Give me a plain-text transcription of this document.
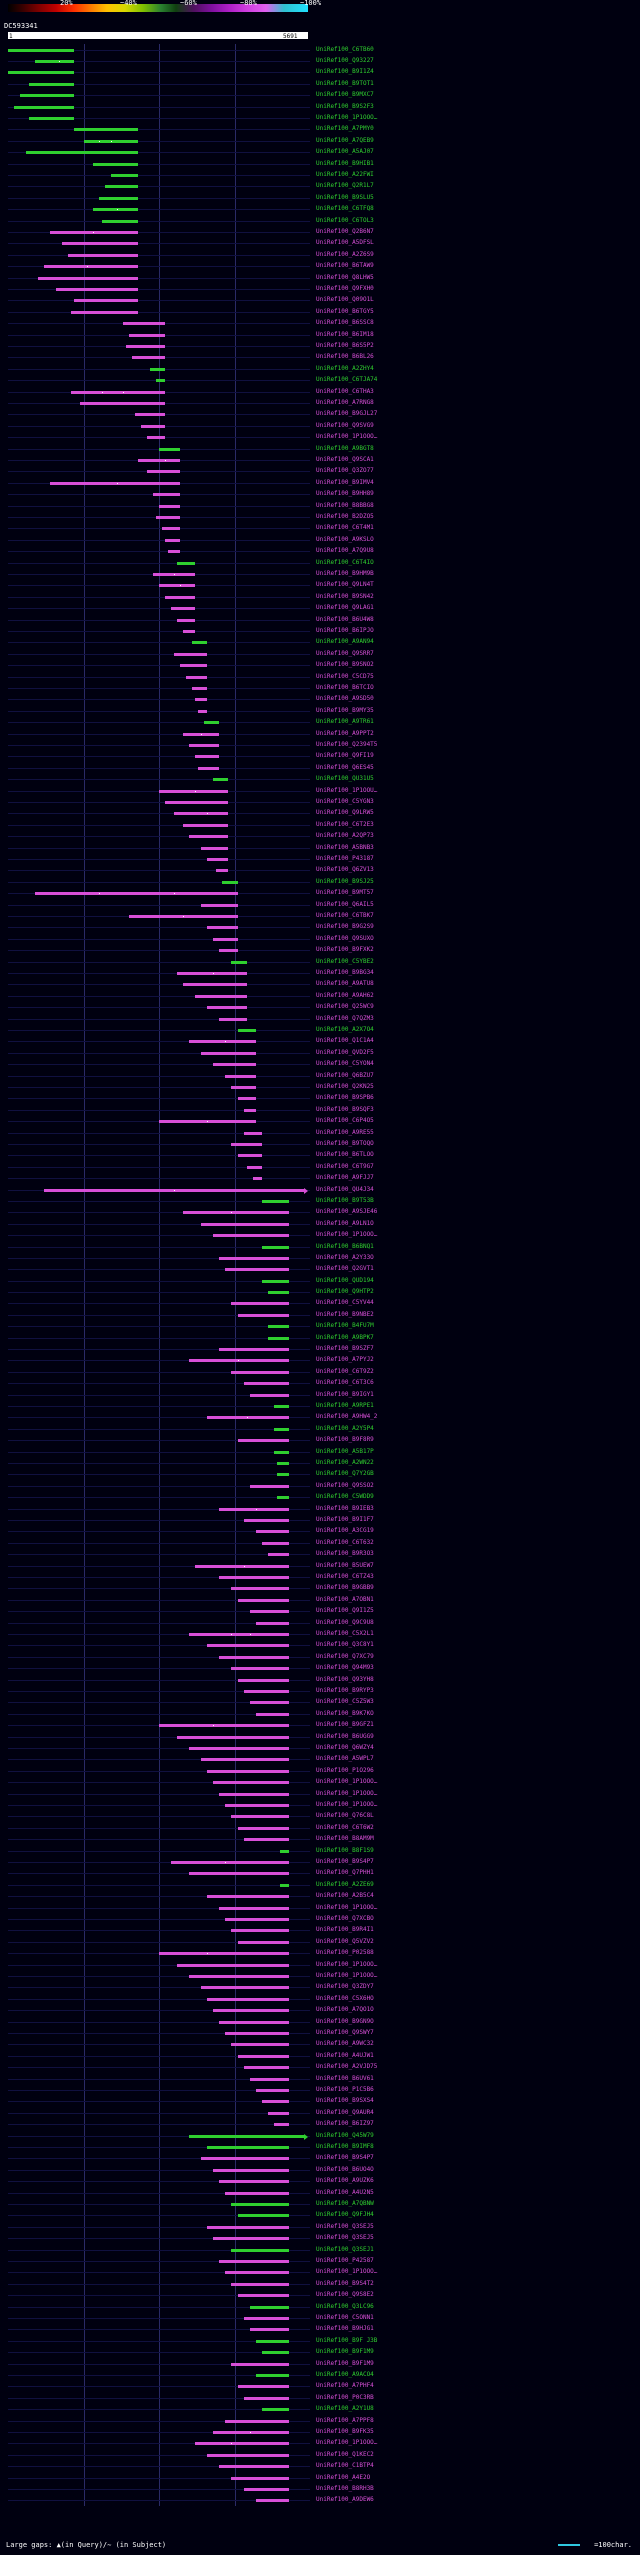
20%	~40%	~60%	~80%	~100%
DC593341
1	5691
UniRef100_C6TB60
UniRef100_Q93227
UniRef100_B9I1Z4
UniRef100_B9TOT1
UniRef100_B9MXC7
UniRef100_B9S2F3
UniRef100_1P1OOO…
UniRef100_A7PMY0
UniRef100_A7QEB9
UniRef100_A5AJ07
UniRef100_B9HIB1
UniRef100_A22FWI
UniRef100_Q2R1L7
UniRef100_B9SLU5
UniRef100_C6TFQ8
UniRef100_C6TOL3
UniRef100_Q2B6N7
UniRef100_A5DFSL
UniRef100_A2Z6S9
UniRef100_B6TAW9
UniRef100_Q8LHW5
UniRef100_Q9FXH0
UniRef100_Q09O1L
UniRef100_B6TGY5
UniRef100_B6SSC8
UniRef100_B6IM18
UniRef100_B6S5P2
UniRef100_B6BL26
UniRef100_A2ZHY4
UniRef100_C6TJA74
UniRef100_C6THA3
UniRef100_A7RNG8
UniRef100_B9GJL27
UniRef100_Q9SVG9
UniRef100_1P1OOO…
UniRef100_A9BGT8
UniRef100_Q9SCA1
UniRef100_Q3ZO77
UniRef100_B9IMV4
UniRef100_B9HH89
UniRef100_B8BBG8
UniRef100_B2DZO5
UniRef100_C6T4M1
UniRef100_A9KSLO
UniRef100_A7Q9U8
UniRef100_C6T4IO
UniRef100_B9HM9B
UniRef100_Q9LN4T
UniRef100_B9SN42
UniRef100_Q9LAG1
UniRef100_B6U4W8
UniRef100_B6IPJO
UniRef100_A9AN94
UniRef100_Q9SRR7
UniRef100_B9SNO2
UniRef100_C5CD75
UniRef100_B6TCIO
UniRef100_A9SD50
UniRef100_B9MY35
UniRef100_A9TR61
UniRef100_A9PPT2
UniRef100_Q2394T5
UniRef100_Q9FI19
UniRef100_Q6ES45
UniRef100_QU31U5
UniRef100_1P1OOU…
UniRef100_C5YGN3
UniRef100_Q9LRW5
UniRef100_C6T2E3
UniRef100_A2QP73
UniRef100_A5BNB3
UniRef100_P43187
UniRef100_Q6ZV13
UniRef100_B9SJ25
UniRef100_B9MT57
UniRef100_Q6AIL5
UniRef100_C6TBK7
UniRef100_B9G2S9
UniRef100_Q9SUXO
UniRef100_B9FXK2
UniRef100_C5YBE2
UniRef100_B9BG34
UniRef100_A9ATU8
UniRef100_A9AH62
UniRef100_Q25WC9
UniRef100_Q7QZM3
UniRef100_A2X7O4
UniRef100_Q1C1A4
UniRef100_QVD2F5
UniRef100_C5YON4
UniRef100_Q6BZU7
UniRef100_Q2KN25
UniRef100_B9SPB6
UniRef100_B9SQF3
UniRef100_C6P4O5
UniRef100_A9RE55
UniRef100_B9TOQO
UniRef100_B6TLOO
UniRef100_C6T9G7
UniRef100_A9FJJ7
UniRef100_QU4J34
UniRef100_B9T53B
UniRef100_A9SJE46
UniRef100_A9LN1O
UniRef100_1P1OOO…
UniRef100_B6BNQ1
UniRef100_A2Y33O
UniRef100_Q2GVT1
UniRef100_QUD194
UniRef100_Q9HTP2
UniRef100_C5YV44
UniRef100_B9NBE2
UniRef100_B4FU7M
UniRef100_A9BPK7
UniRef100_B9SZF7
UniRef100_A7PYJ2
UniRef100_C6T9Z2
UniRef100_C6T3C6
UniRef100_B9IGY1
UniRef100_A9RPE1
UniRef100_A9HW4_2
UniRef100_A2Y5P4
UniRef100_B9F8R9
UniRef100_A5B17P
UniRef100_A2WN22
UniRef100_Q7Y2GB
UniRef100_Q9SSO2
UniRef100_C5WDD9
UniRef100_B9IEB3
UniRef100_B9I1F7
UniRef100_A3CG19
UniRef100_C6T632
UniRef100_B9R3O3
UniRef100_B5UEW7
UniRef100_C6TZ43
UniRef100_B9GBB9
UniRef100_A7OBN1
UniRef100_Q9I1Z5
UniRef100_Q9C9U8
UniRef100_C5X2L1
UniRef100_Q3C8Y1
UniRef100_Q7XC79
UniRef100_Q94M93
UniRef100_Q93YH8
UniRef100_B9RYP3
UniRef100_C5Z5W3
UniRef100_B9K7KO
UniRef100_B9GFZ1
UniRef100_B6UGG9
UniRef100_Q6WZY4
UniRef100_A5WPL7
UniRef100_P1O296
UniRef100_1P1OOO…
UniRef100_1P1OOO…
UniRef100_1P1OOO…
UniRef100_Q76C8L
UniRef100_C6T6W2
UniRef100_B8AM9M
UniRef100_B8F1S9
UniRef100_B9S4P7
UniRef100_Q7PHH1
UniRef100_A2ZE69
UniRef100_A2B5C4
UniRef100_1P1OOO…
UniRef100_Q7XCBO
UniRef100_B9R4I1
UniRef100_Q5VZV2
UniRef100_P02588
UniRef100_1P1OOO…
UniRef100_1P1OOO…
UniRef100_Q3ZDY7
UniRef100_C5X6HO
UniRef100_A7QO1O
UniRef100_B9GN9O
UniRef100_Q9SWY7
UniRef100_A9WC32
UniRef100_A4UJW1
UniRef100_A2VJD75
UniRef100_B6UV61
UniRef100_P1C5B6
UniRef100_B9SXS4
UniRef100_Q9AUR4
UniRef100_B6IZ97
UniRef100_Q45W79
UniRef100_B9IMF8
UniRef100_B9S4P7
UniRef100_B6UO4O
UniRef100_A9UZK6
UniRef100_A4U2N5
UniRef100_A7QBNW
UniRef100_Q9FJH4
UniRef100_Q3SEJ5
UniRef100_Q3SEJ5
UniRef100_Q3SEJ1
UniRef100_P42587
UniRef100_1P1OOO…
UniRef100_B9S4T2
UniRef100_Q9S8E2
UniRef100_Q3LC96
UniRef100_C5ONN1
UniRef100_B9HJG1
UniRef100_B9F J3B
UniRef100_B9F1M9
UniRef100_B9F1M9
UniRef100_A9ACO4
UniRef100_A7PHF4
UniRef100_P0C3RB
UniRef100_A2Y1U8
UniRef100_A7PPF8
UniRef100_B9FK35
UniRef100_1P1OOO…
UniRef100_Q1KEC2
UniRef100_C1BTP4
UniRef100_A4E2O
UniRef100_B8RH3B
UniRef100_A9DEW6
Large gaps: ▲(in Query)/∼ (in Subject)	=100char.
